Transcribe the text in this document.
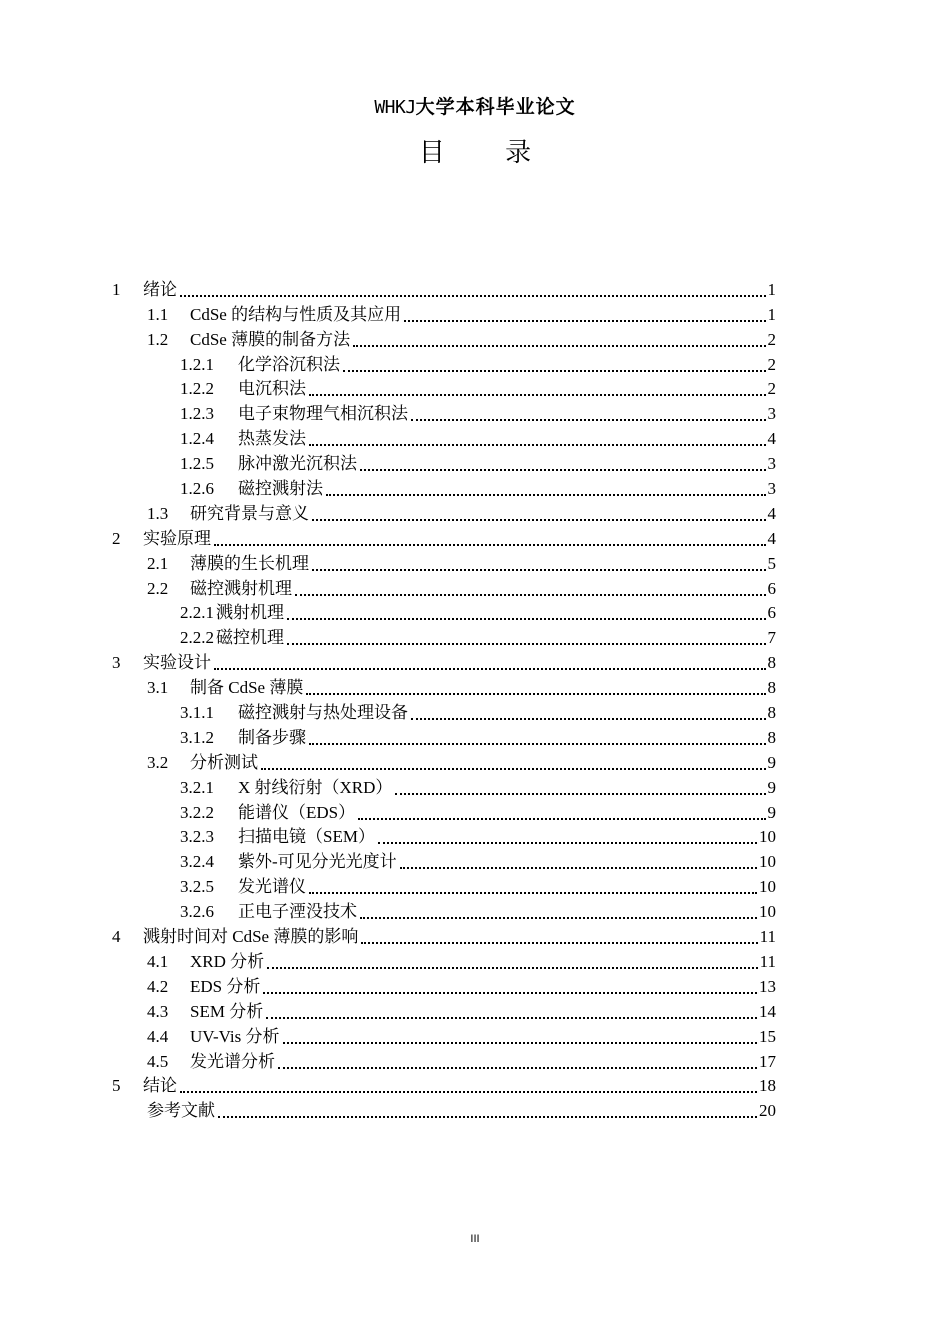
WHKJ大学本科毕业论文
目 录
1 绪论	1
1.1 CdSe 的结构与性质及其应用	1
1.2 CdSe 薄膜的制备方法	2
1.2.1 化学浴沉积法	2
1.2.2 电沉积法	2
1.2.3 电子束物理气相沉积法	3
1.2.4 热蒸发法	4
1.2.5 脉冲激光沉积法	3
1.2.6 磁控溅射法	3
1.3 研究背景与意义	4
2 实验原理	4
2.1 薄膜的生长机理	5
2.2 磁控溅射机理	6
2.2.1 溅射机理	6
2.2.2 磁控机理	7
3 实验设计	8
3.1 制备 CdSe 薄膜	8
3.1.1 磁控溅射与热处理设备	8
3.1.2 制备步骤	8
3.2 分析测试	9
3.2.1 X 射线衍射（XRD）	9
3.2.2 能谱仪（EDS）	9
3.2.3 扫描电镜（SEM）	10
3.2.4 紫外-可见分光光度计	10
3.2.5 发光谱仪	10
3.2.6 正电子湮没技术	10
4 溅射时间对 CdSe 薄膜的影响	11
4.1 XRD 分析	11
4.2 EDS 分析	13
4.3 SEM 分析	14
4.4 UV-Vis 分析	15
4.5 发光谱分析	17
5 结论	18
参考文献	20
III
